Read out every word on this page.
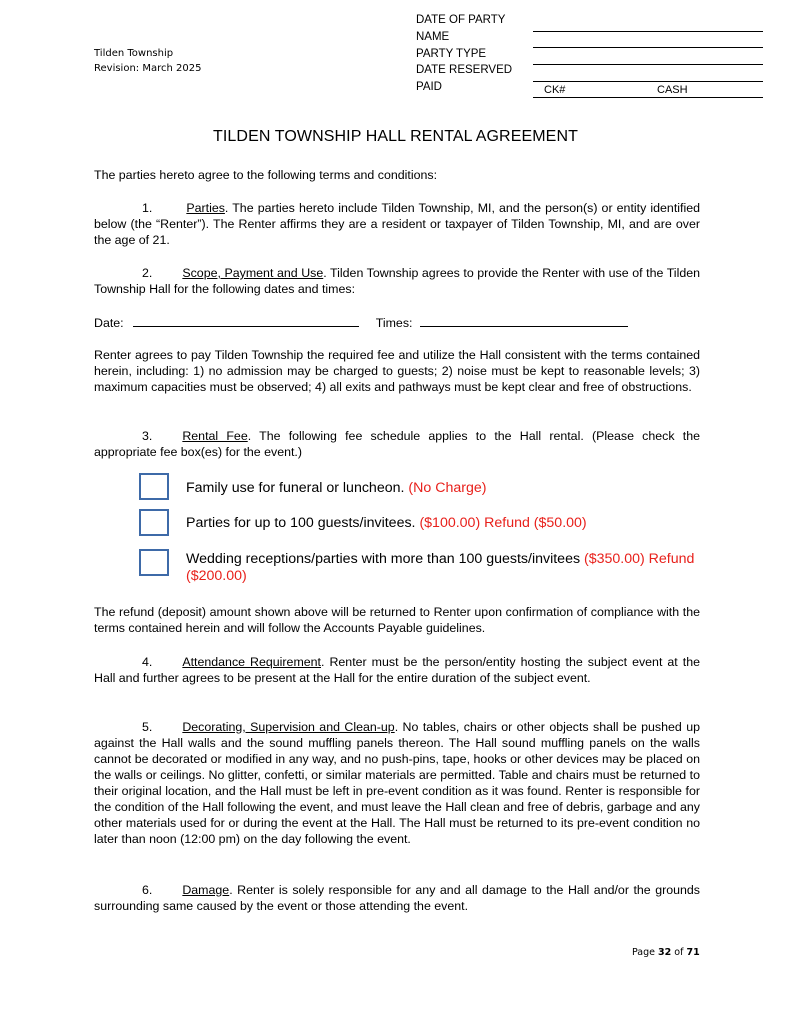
Tilden Township
Revision: March 2025
DATE OF PARTY
NAME
PARTY TYPE
DATE RESERVED
PAID	CK#	CASH
TILDEN TOWNSHIP HALL RENTAL AGREEMENT
The parties hereto agree to the following terms and conditions:
1.	Parties. The parties hereto include Tilden Township, MI, and the person(s) or entity identified below (the “Renter”). The Renter affirms they are a resident or taxpayer of Tilden Township, MI, and are over the age of 21.
2. Scope, Payment and Use. Tilden Township agrees to provide the Renter with use of the Tilden Township Hall for the following dates and times:
Date:	Times:
Renter agrees to pay Tilden Township the required fee and utilize the Hall consistent with the terms contained herein, including: 1) no admission may be charged to guests; 2) noise must be kept to reasonable levels; 3) maximum capacities must be observed; 4) all exits and pathways must be kept clear and free of obstructions.
3. Rental Fee. The following fee schedule applies to the Hall rental. (Please check the appropriate fee box(es) for the event.)
Family use for funeral or luncheon. (No Charge)
Parties for up to 100 guests/invitees. ($100.00) Refund ($50.00)
Wedding receptions/parties with more than 100 guests/invitees ($350.00) Refund ($200.00)
The refund (deposit) amount shown above will be returned to Renter upon confirmation of compliance with the terms contained herein and will follow the Accounts Payable guidelines.
4. Attendance Requirement. Renter must be the person/entity hosting the subject event at the Hall and further agrees to be present at the Hall for the entire duration of the subject event.
5. Decorating, Supervision and Clean-up. No tables, chairs or other objects shall be pushed up against the Hall walls and the sound muffling panels thereon. The Hall sound muffling panels on the walls cannot be decorated or modified in any way, and no push-pins, tape, hooks or other devices may be placed on the walls or ceilings. No glitter, confetti, or similar materials are permitted. Table and chairs must be returned to their original location, and the Hall must be left in pre-event condition as it was found. Renter is responsible for the condition of the Hall following the event, and must leave the Hall clean and free of debris, garbage and any other materials used for or during the event at the Hall. The Hall must be returned to its pre-event condition no later than noon (12:00 pm) on the day following the event.
6. Damage. Renter is solely responsible for any and all damage to the Hall and/or the grounds surrounding same caused by the event or those attending the event.
Page 32 of 71
